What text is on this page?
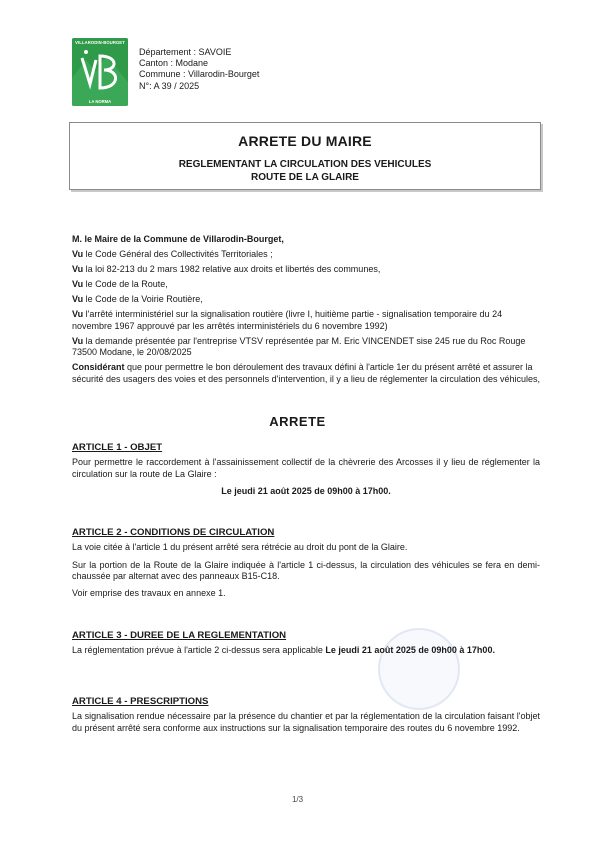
VILLARODIN-BOURGET
LA NORMA
Département : SAVOIE
Canton : Modane
Commune : Villarodin-Bourget
N°: A 39 / 2025
ARRETE DU MAIRE
REGLEMENTANT LA CIRCULATION DES VEHICULES
ROUTE DE LA GLAIRE

M. le Maire de la Commune de Villarodin-Bourget,

Vu le Code Général des Collectivités Territoriales ;

Vu la loi 82-213 du 2 mars 1982 relative aux droits et libertés des communes,

Vu le Code de la Route,

Vu le Code de la Voirie Routière,

Vu l'arrêté interministériel sur la signalisation routière (livre I, huitième partie - signalisation temporaire du 24 novembre 1967 approuvé par les arrêtés interministériels du 6 novembre 1992)

Vu la demande présentée par l'entreprise VTSV représentée par M. Eric VINCENDET sise 245 rue du Roc Rouge 73500 Modane, le 20/08/2025

Considérant que pour permettre le bon déroulement des travaux défini à l'article 1er du présent arrêté et assurer la sécurité des usagers des voies et des personnels d'intervention, il y a lieu de réglementer la circulation des véhicules,

ARRETE
ARTICLE 1 - OBJET

Pour permettre le raccordement à l'assainissement collectif de la chèvrerie des Arcosses il y lieu de réglementer la circulation sur la route de La Glaire :

Le jeudi 21 août 2025 de 09h00 à 17h00.

ARTICLE 2 - CONDITIONS DE CIRCULATION

La voie citée à l'article 1 du présent arrêté sera rétrécie au droit du pont de la Glaire.

Sur la portion de la Route de la Glaire indiquée à l'article 1 ci-dessus, la circulation des véhicules se fera en demi-chaussée par alternat avec des panneaux B15-C18.

Voir emprise des travaux en annexe 1.

ARTICLE 3 - DUREE DE LA REGLEMENTATION

La réglementation prévue à l'article 2 ci-dessus sera applicable Le jeudi 21 août 2025 de 09h00 à 17h00.

ARTICLE 4 - PRESCRIPTIONS

La signalisation rendue nécessaire par la présence du chantier et par la réglementation de la circulation faisant l'objet du présent arrêté sera conforme aux instructions sur la signalisation temporaire des routes du 6 novembre 1992.

1/3
